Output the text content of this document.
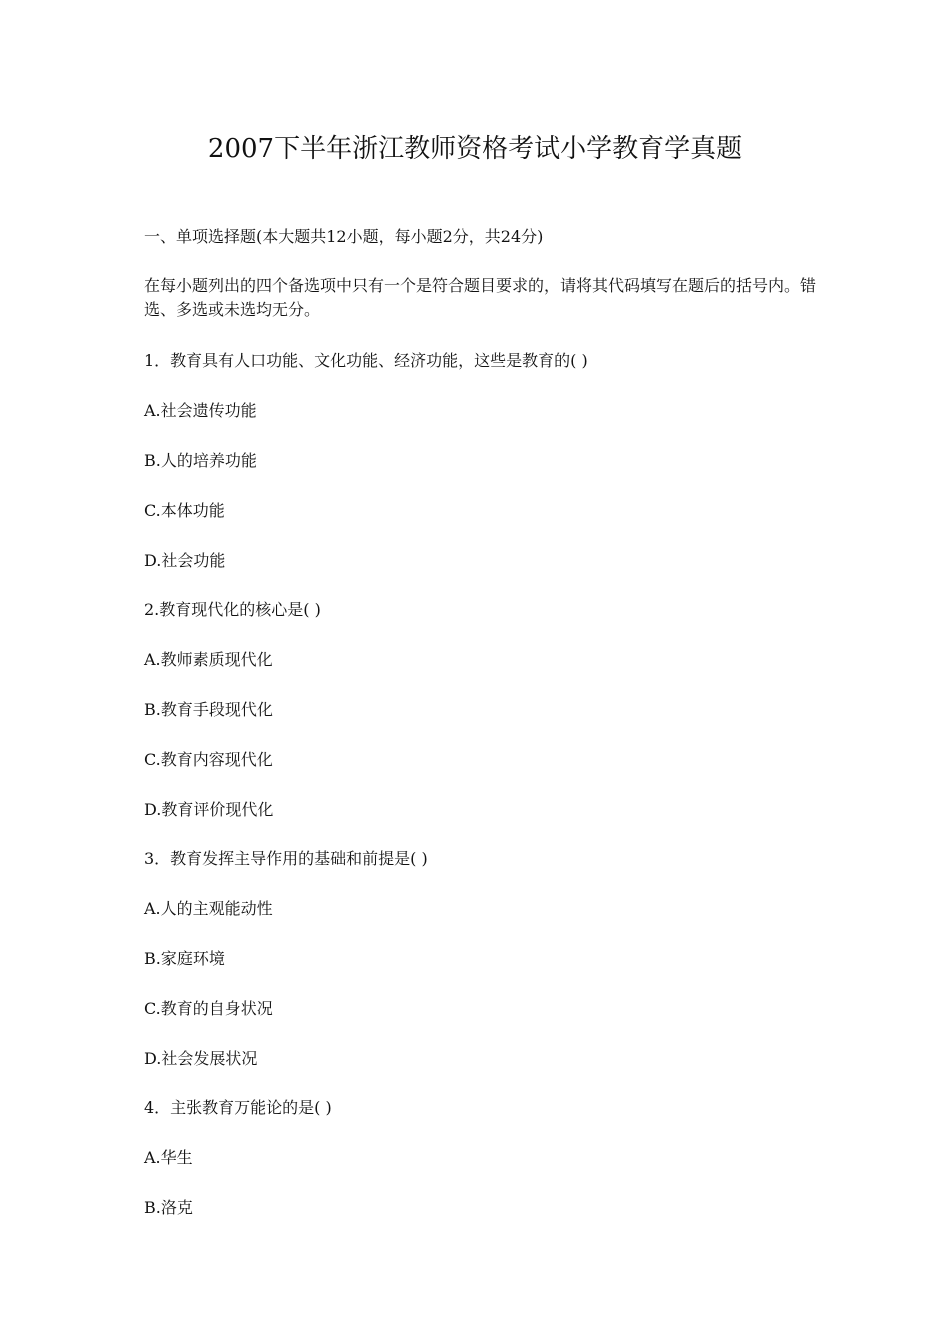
2007下半年浙江教师资格考试小学教育学真题

一、单项选择题(本大题共12小题，每小题2分，共24分)

在每小题列出的四个备选项中只有一个是符合题目要求的，请将其代码填写在题后的括号内。错选、多选或未选均无分。

1．教育具有人口功能、文化功能、经济功能，这些是教育的( )

A.社会遗传功能

B.人的培养功能

C.本体功能

D.社会功能

2.教育现代化的核心是( )

A.教师素质现代化

B.教育手段现代化

C.教育内容现代化

D.教育评价现代化

3．教育发挥主导作用的基础和前提是( )

A.人的主观能动性

B.家庭环境

C.教育的自身状况

D.社会发展状况

4．主张教育万能论的是( )

A.华生

B.洛克
